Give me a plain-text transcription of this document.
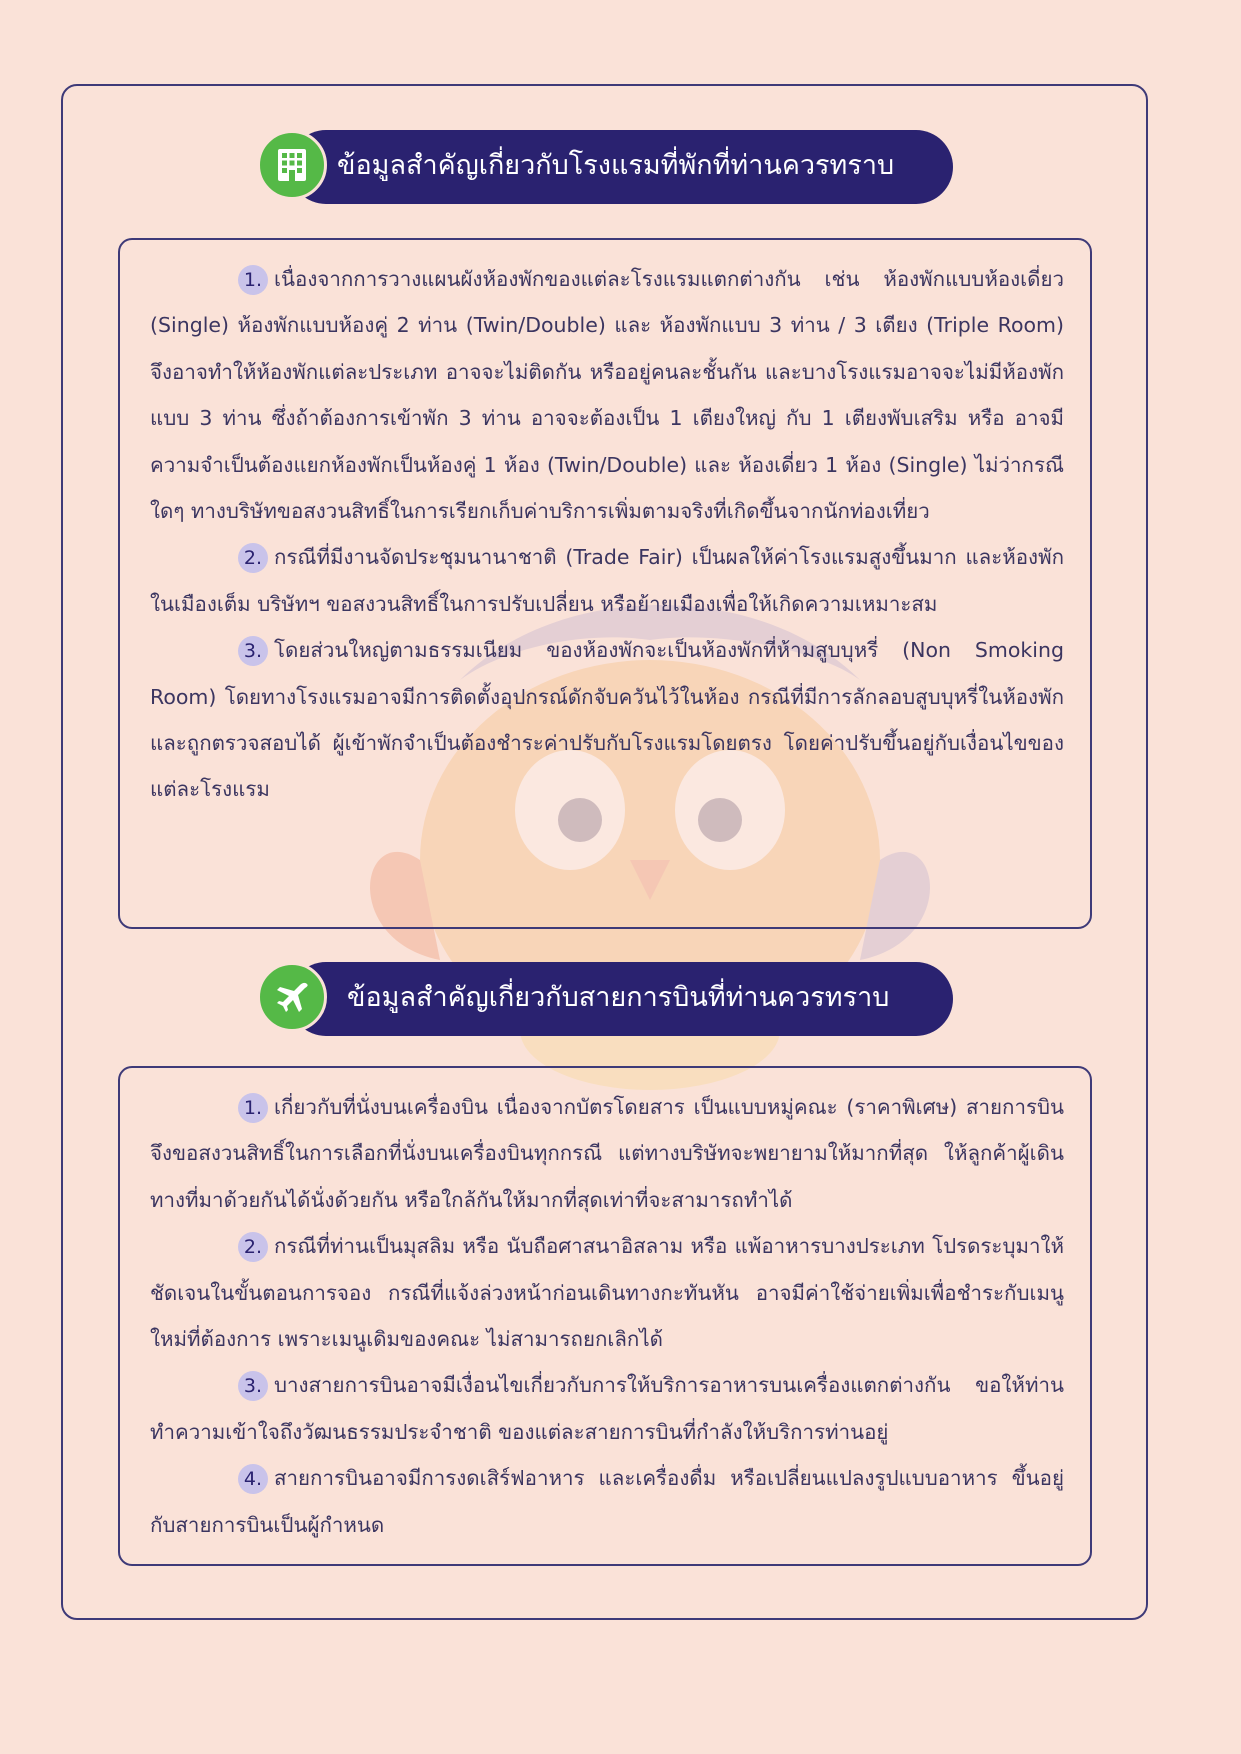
ข้อมูลสำคัญเกี่ยวกับโรงแรมที่พักที่ท่านควรทราบ

1. เนื่องจากการวางแผนผังห้องพักของแต่ละโรงแรมแตกต่างกัน เช่น ห้องพักแบบห้องเดี่ยว (Single) ห้องพักแบบห้องคู่ 2 ท่าน (Twin/Double) และ ห้องพักแบบ 3 ท่าน / 3 เตียง (Triple Room) จึงอาจทำให้ห้องพักแต่ละประเภท อาจจะไม่ติดกัน หรืออยู่คนละชั้นกัน และบางโรงแรมอาจจะไม่มีห้องพักแบบ 3 ท่าน ซึ่งถ้าต้องการเข้าพัก 3 ท่าน อาจจะต้องเป็น 1 เตียงใหญ่ กับ 1 เตียงพับเสริม หรือ อาจมีความจำเป็นต้องแยกห้องพักเป็นห้องคู่ 1 ห้อง (Twin/Double) และ ห้องเดี่ยว 1 ห้อง (Single) ไม่ว่ากรณีใดๆ ทางบริษัทขอสงวนสิทธิ์ในการเรียกเก็บค่าบริการเพิ่มตามจริงที่เกิดขึ้นจากนักท่องเที่ยว

2. กรณีที่มีงานจัดประชุมนานาชาติ (Trade Fair) เป็นผลให้ค่าโรงแรมสูงขึ้นมาก และห้องพักในเมืองเต็ม บริษัทฯ ขอสงวนสิทธิ์ในการปรับเปลี่ยน หรือย้ายเมืองเพื่อให้เกิดความเหมาะสม

3. โดยส่วนใหญ่ตามธรรมเนียม ของห้องพักจะเป็นห้องพักที่ห้ามสูบบุหรี่ (Non Smoking Room) โดยทางโรงแรมอาจมีการติดตั้งอุปกรณ์ดักจับควันไว้ในห้อง กรณีที่มีการลักลอบสูบบุหรี่ในห้องพัก และถูกตรวจสอบได้ ผู้เข้าพักจำเป็นต้องชำระค่าปรับกับโรงแรมโดยตรง โดยค่าปรับขึ้นอยู่กับเงื่อนไขของแต่ละโรงแรม

ข้อมูลสำคัญเกี่ยวกับสายการบินที่ท่านควรทราบ

1. เกี่ยวกับที่นั่งบนเครื่องบิน เนื่องจากบัตรโดยสาร เป็นแบบหมู่คณะ (ราคาพิเศษ) สายการบินจึงขอสงวนสิทธิ์ในการเลือกที่นั่งบนเครื่องบินทุกกรณี แต่ทางบริษัทจะพยายามให้มากที่สุด ให้ลูกค้าผู้เดินทางที่มาด้วยกันได้นั่งด้วยกัน หรือใกล้กันให้มากที่สุดเท่าที่จะสามารถทำได้

2. กรณีที่ท่านเป็นมุสลิม หรือ นับถือศาสนาอิสลาม หรือ แพ้อาหารบางประเภท โปรดระบุมาให้ชัดเจนในขั้นตอนการจอง กรณีที่แจ้งล่วงหน้าก่อนเดินทางกะทันหัน อาจมีค่าใช้จ่ายเพิ่มเพื่อชำระกับเมนูใหม่ที่ต้องการ เพราะเมนูเดิมของคณะ ไม่สามารถยกเลิกได้

3. บางสายการบินอาจมีเงื่อนไขเกี่ยวกับการให้บริการอาหารบนเครื่องแตกต่างกัน ขอให้ท่านทำความเข้าใจถึงวัฒนธรรมประจำชาติ ของแต่ละสายการบินที่กำลังให้บริการท่านอยู่

4. สายการบินอาจมีการงดเสิร์ฟอาหาร และเครื่องดื่ม หรือเปลี่ยนแปลงรูปแบบอาหาร ขึ้นอยู่กับสายการบินเป็นผู้กำหนด
